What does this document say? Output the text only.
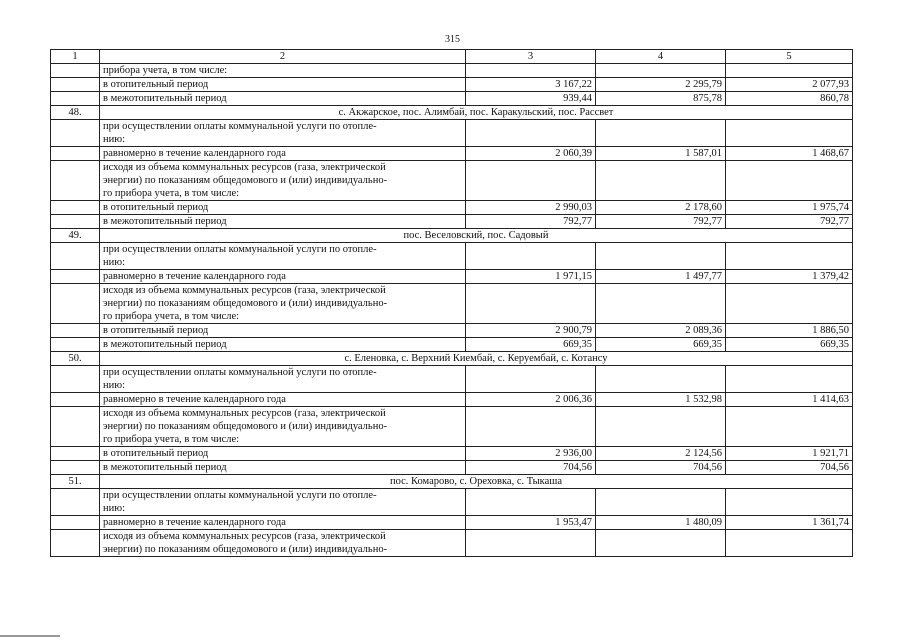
315
1	2	3	4	5
	прибора учета, в том числе:			
	в отопительный период	3 167,22	2 295,79	2 077,93
	в межотопительный период	939,44	875,78	860,78
48.	с. Акжарское, пос. Алимбай, пос. Каракульский, пос. Рассвет			
	при осуществлении оплаты коммунальной услуги по отопле-
нию:			
	равномерно в течение календарного года	2 060,39	1 587,01	1 468,67
	исходя из объема коммунальных ресурсов (газа, электрической
энергии) по показаниям общедомового и (или) индивидуально-
го прибора учета, в том числе:			
	в отопительный период	2 990,03	2 178,60	1 975,74
	в межотопительный период	792,77	792,77	792,77
49.	пос. Веселовский, пос. Садовый			
	при осуществлении оплаты коммунальной услуги по отопле-
нию:			
	равномерно в течение календарного года	1 971,15	1 497,77	1 379,42
	исходя из объема коммунальных ресурсов (газа, электрической
энергии) по показаниям общедомового и (или) индивидуально-
го прибора учета, в том числе:			
	в отопительный период	2 900,79	2 089,36	1 886,50
	в межотопительный период	669,35	669,35	669,35
50.	с. Еленовка, с. Верхний Киембай, с. Керуембай, с. Котансу			
	при осуществлении оплаты коммунальной услуги по отопле-
нию:			
	равномерно в течение календарного года	2 006,36	1 532,98	1 414,63
	исходя из объема коммунальных ресурсов (газа, электрической
энергии) по показаниям общедомового и (или) индивидуально-
го прибора учета, в том числе:			
	в отопительный период	2 936,00	2 124,56	1 921,71
	в межотопительный период	704,56	704,56	704,56
51.	пос. Комарово, с. Ореховка, с. Тыкаша			
	при осуществлении оплаты коммунальной услуги по отопле-
нию:			
	равномерно в течение календарного года	1 953,47	1 480,09	1 361,74
	исходя из объема коммунальных ресурсов (газа, электрической
энергии) по показаниям общедомового и (или) индивидуально-			
